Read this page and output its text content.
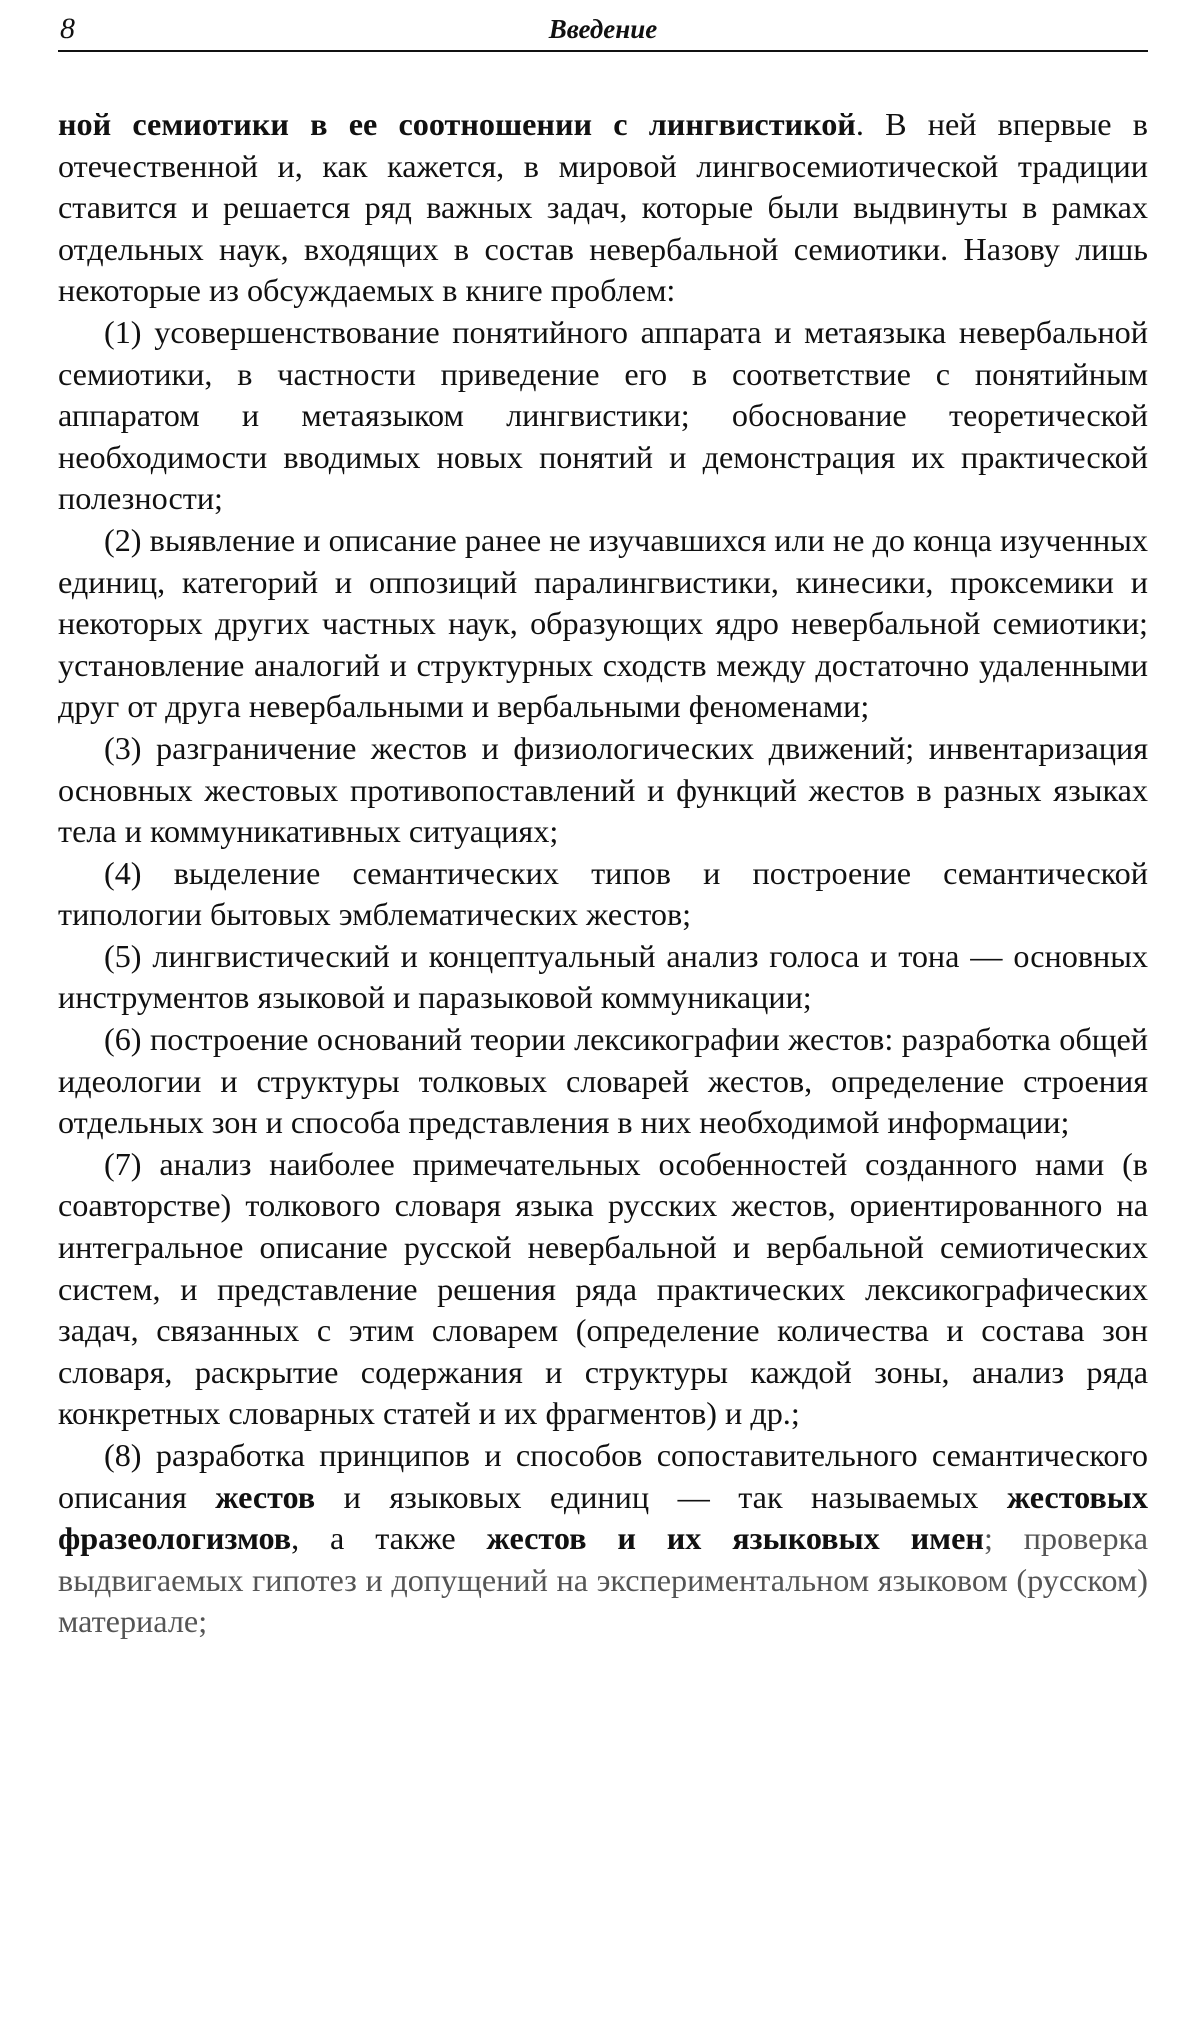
8	Введение

ной семиотики в ее соотношении с лингвистикой. В ней впервые в отечественной и, как кажется, в мировой лингвосемиотической традиции ставится и решается ряд важных задач, которые были выдвинуты в рамках отдельных наук, входящих в состав невербальной семиотики. Назову лишь некоторые из обсуждаемых в книге проблем:

(1) усовершенствование понятийного аппарата и метаязыка невербальной семиотики, в частности приведение его в соответствие с понятийным аппаратом и метаязыком лингвистики; обоснование теоретической необходимости вводимых новых понятий и демонстрация их практической полезности;

(2) выявление и описание ранее не изучавшихся или не до конца изученных единиц, категорий и оппозиций паралингвистики, кинесики, проксемики и некоторых других частных наук, образующих ядро невербальной семиотики; установление аналогий и структурных сходств между достаточно удаленными друг от друга невербальными и вербальными феноменами;

(3) разграничение жестов и физиологических движений; инвентаризация основных жестовых противопоставлений и функций жестов в разных языках тела и коммуникативных ситуациях;

(4) выделение семантических типов и построение семантической типологии бытовых эмблематических жестов;

(5) лингвистический и концептуальный анализ голоса и тона — основных инструментов языковой и паразыковой коммуникации;

(6) построение оснований теории лексикографии жестов: разработка общей идеологии и структуры толковых словарей жестов, определение строения отдельных зон и способа представления в них необходимой информации;

(7) анализ наиболее примечательных особенностей созданного нами (в соавторстве) толкового словаря языка русских жестов, ориентированного на интегральное описание русской невербальной и вербальной семиотических систем, и представление решения ряда практических лексикографических задач, связанных с этим словарем (определение количества и состава зон словаря, раскрытие содержания и структуры каждой зоны, анализ ряда конкретных словарных статей и их фрагментов) и др.;

(8) разработка принципов и способов сопоставительного семантического описания жестов и языковых единиц — так называемых жестовых фразеологизмов, а также жестов и их языковых имен; проверка выдвигаемых гипотез и допущений на экспериментальном языковом (русском) материале;
